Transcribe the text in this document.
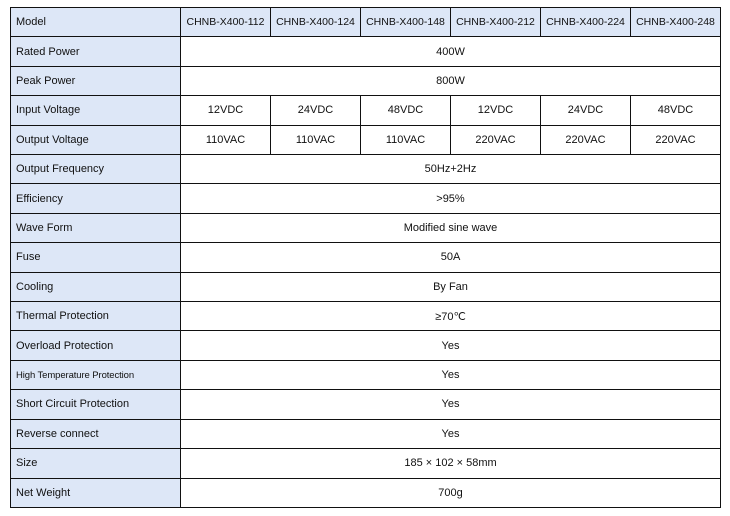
Model	CHNB-X400-112	CHNB-X400-124	CHNB-X400-148	CHNB-X400-212	CHNB-X400-224	CHNB-X400-248
Rated Power	400W					
Peak Power	800W					
Input Voltage	12VDC	24VDC	48VDC	12VDC	24VDC	48VDC
Output Voltage	110VAC	110VAC	110VAC	220VAC	220VAC	220VAC
Output Frequency	50Hz+2Hz					
Efficiency	>95%					
Wave Form	Modified sine wave					
Fuse	50A					
Cooling	By Fan					
Thermal Protection	≥70℃					
Overload Protection	Yes					
High Temperature Protection	Yes					
Short Circuit Protection	Yes					
Reverse connect	Yes					
Size	185 × 102 × 58mm					
Net Weight	700g					
